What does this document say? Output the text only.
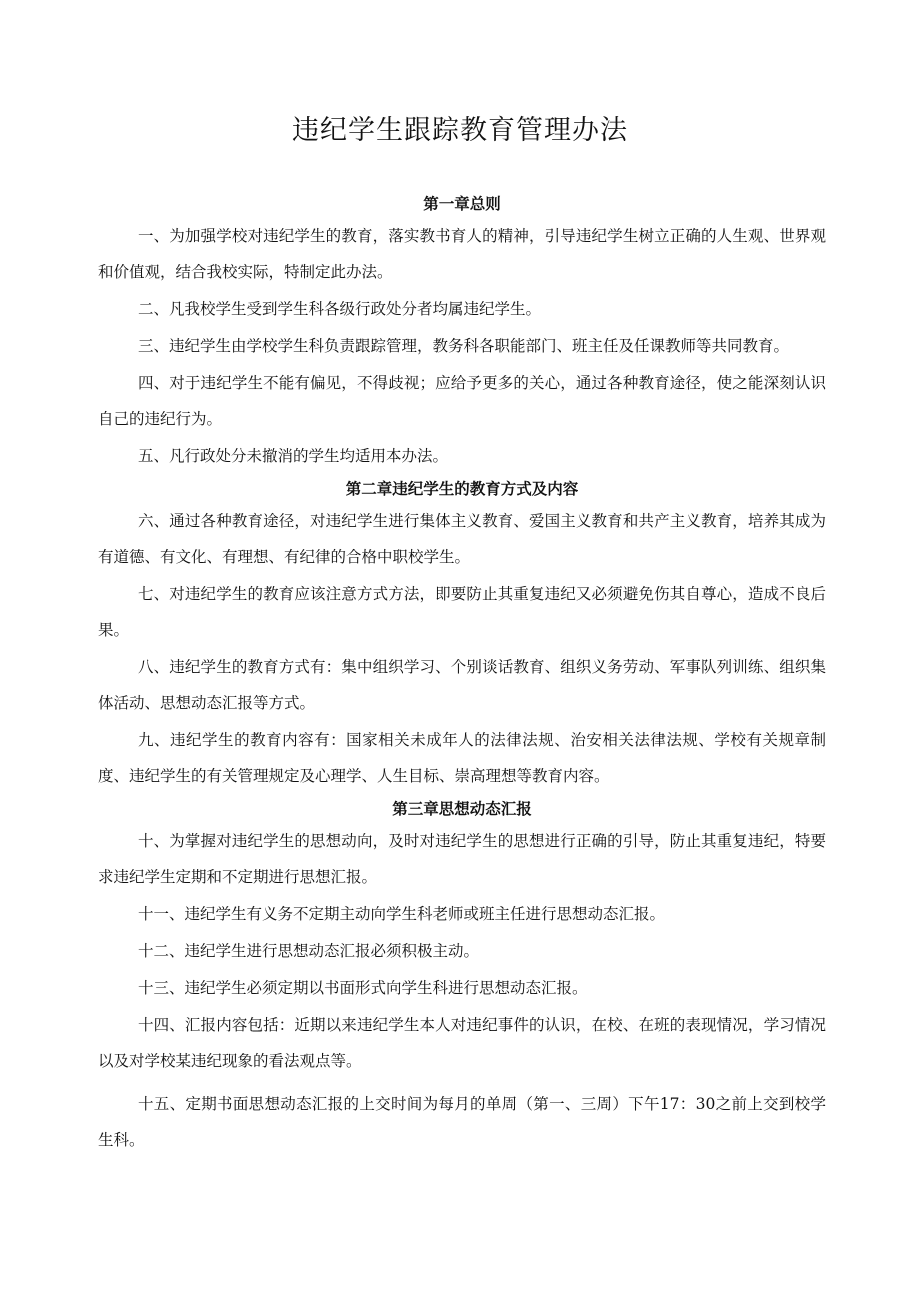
违纪学生跟踪教育管理办法

第一章总则

一、为加强学校对违纪学生的教育，落实教书育人的精神，引导违纪学生树立正确的人生观、世界观和价值观，结合我校实际，特制定此办法。

二、凡我校学生受到学生科各级行政处分者均属违纪学生。

三、违纪学生由学校学生科负责跟踪管理，教务科各职能部门、班主任及任课教师等共同教育。

四、对于违纪学生不能有偏见，不得歧视；应给予更多的关心，通过各种教育途径，使之能深刻认识自己的违纪行为。

五、凡行政处分未撤消的学生均适用本办法。

第二章违纪学生的教育方式及内容

六、通过各种教育途径，对违纪学生进行集体主义教育、爱国主义教育和共产主义教育，培养其成为有道德、有文化、有理想、有纪律的合格中职校学生。

七、对违纪学生的教育应该注意方式方法，即要防止其重复违纪又必须避免伤其自尊心，造成不良后果。

八、违纪学生的教育方式有：集中组织学习、个别谈话教育、组织义务劳动、军事队列训练、组织集体活动、思想动态汇报等方式。

九、违纪学生的教育内容有：国家相关未成年人的法律法规、治安相关法律法规、学校有关规章制度、违纪学生的有关管理规定及心理学、人生目标、崇高理想等教育内容。

第三章思想动态汇报

十、为掌握对违纪学生的思想动向，及时对违纪学生的思想进行正确的引导，防止其重复违纪，特要求违纪学生定期和不定期进行思想汇报。

十一、违纪学生有义务不定期主动向学生科老师或班主任进行思想动态汇报。

十二、违纪学生进行思想动态汇报必须积极主动。

十三、违纪学生必须定期以书面形式向学生科进行思想动态汇报。

十四、汇报内容包括：近期以来违纪学生本人对违纪事件的认识，在校、在班的表现情况，学习情况以及对学校某违纪现象的看法观点等。

十五、定期书面思想动态汇报的上交时间为每月的单周（第一、三周）下午17：30之前上交到校学生科。
